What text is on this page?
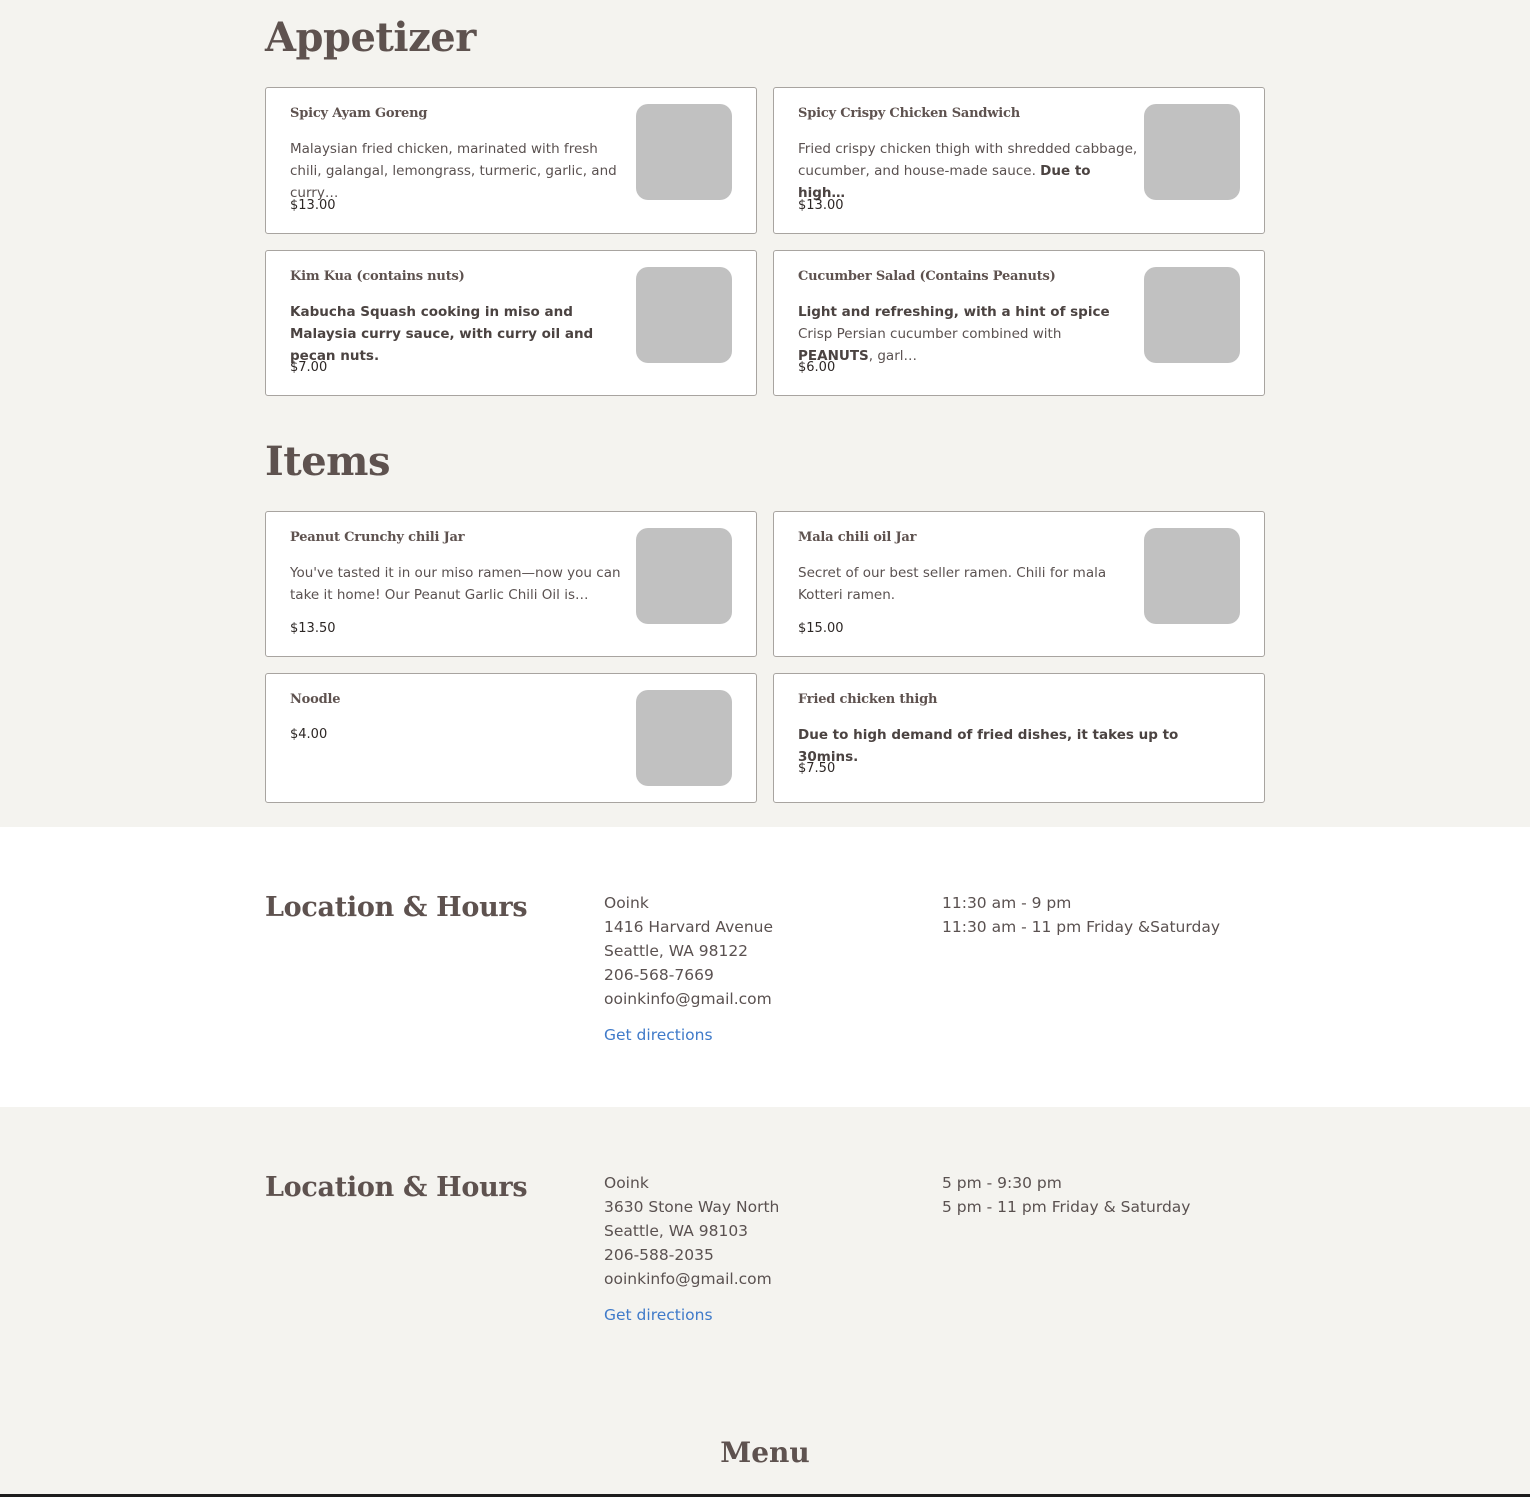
Appetizer
Spicy Ayam Goreng
Malaysian fried chicken, marinated with fresh chili, galangal, lemongrass, turmeric, garlic, and curry…
$13.00
Spicy Crispy Chicken Sandwich
Fried crispy chicken thigh with shredded cabbage, cucumber, and house-made sauce. Due to high…
$13.00
Kim Kua (contains nuts)
Kabucha Squash cooking in miso and Malaysia curry sauce, with curry oil and pecan nuts.
$7.00
Cucumber Salad (Contains Peanuts)
Light and refreshing, with a hint of spice Crisp Persian cucumber combined with PEANUTS, garl…
$6.00
Items
Peanut Crunchy chili Jar
You've tasted it in our miso ramen—now you can take it home! Our Peanut Garlic Chili Oil is…
$13.50
Mala chili oil Jar
Secret of our best seller ramen. Chili for mala Kotteri ramen.
$15.00
Noodle
$4.00
Fried chicken thigh
Due to high demand of fried dishes, it takes up to 30mins.
$7.50
Location & Hours	Ooink
1416 Harvard Avenue
Seattle, WA 98122
206-568-7669
ooinkinfo@gmail.com
Get directions
11:30 am - 9 pm
11:30 am - 11 pm Friday &Saturday
Location & Hours	Ooink
3630 Stone Way North
Seattle, WA 98103
206-588-2035
ooinkinfo@gmail.com
Get directions
5 pm - 9:30 pm
5 pm - 11 pm Friday & Saturday
Menu
